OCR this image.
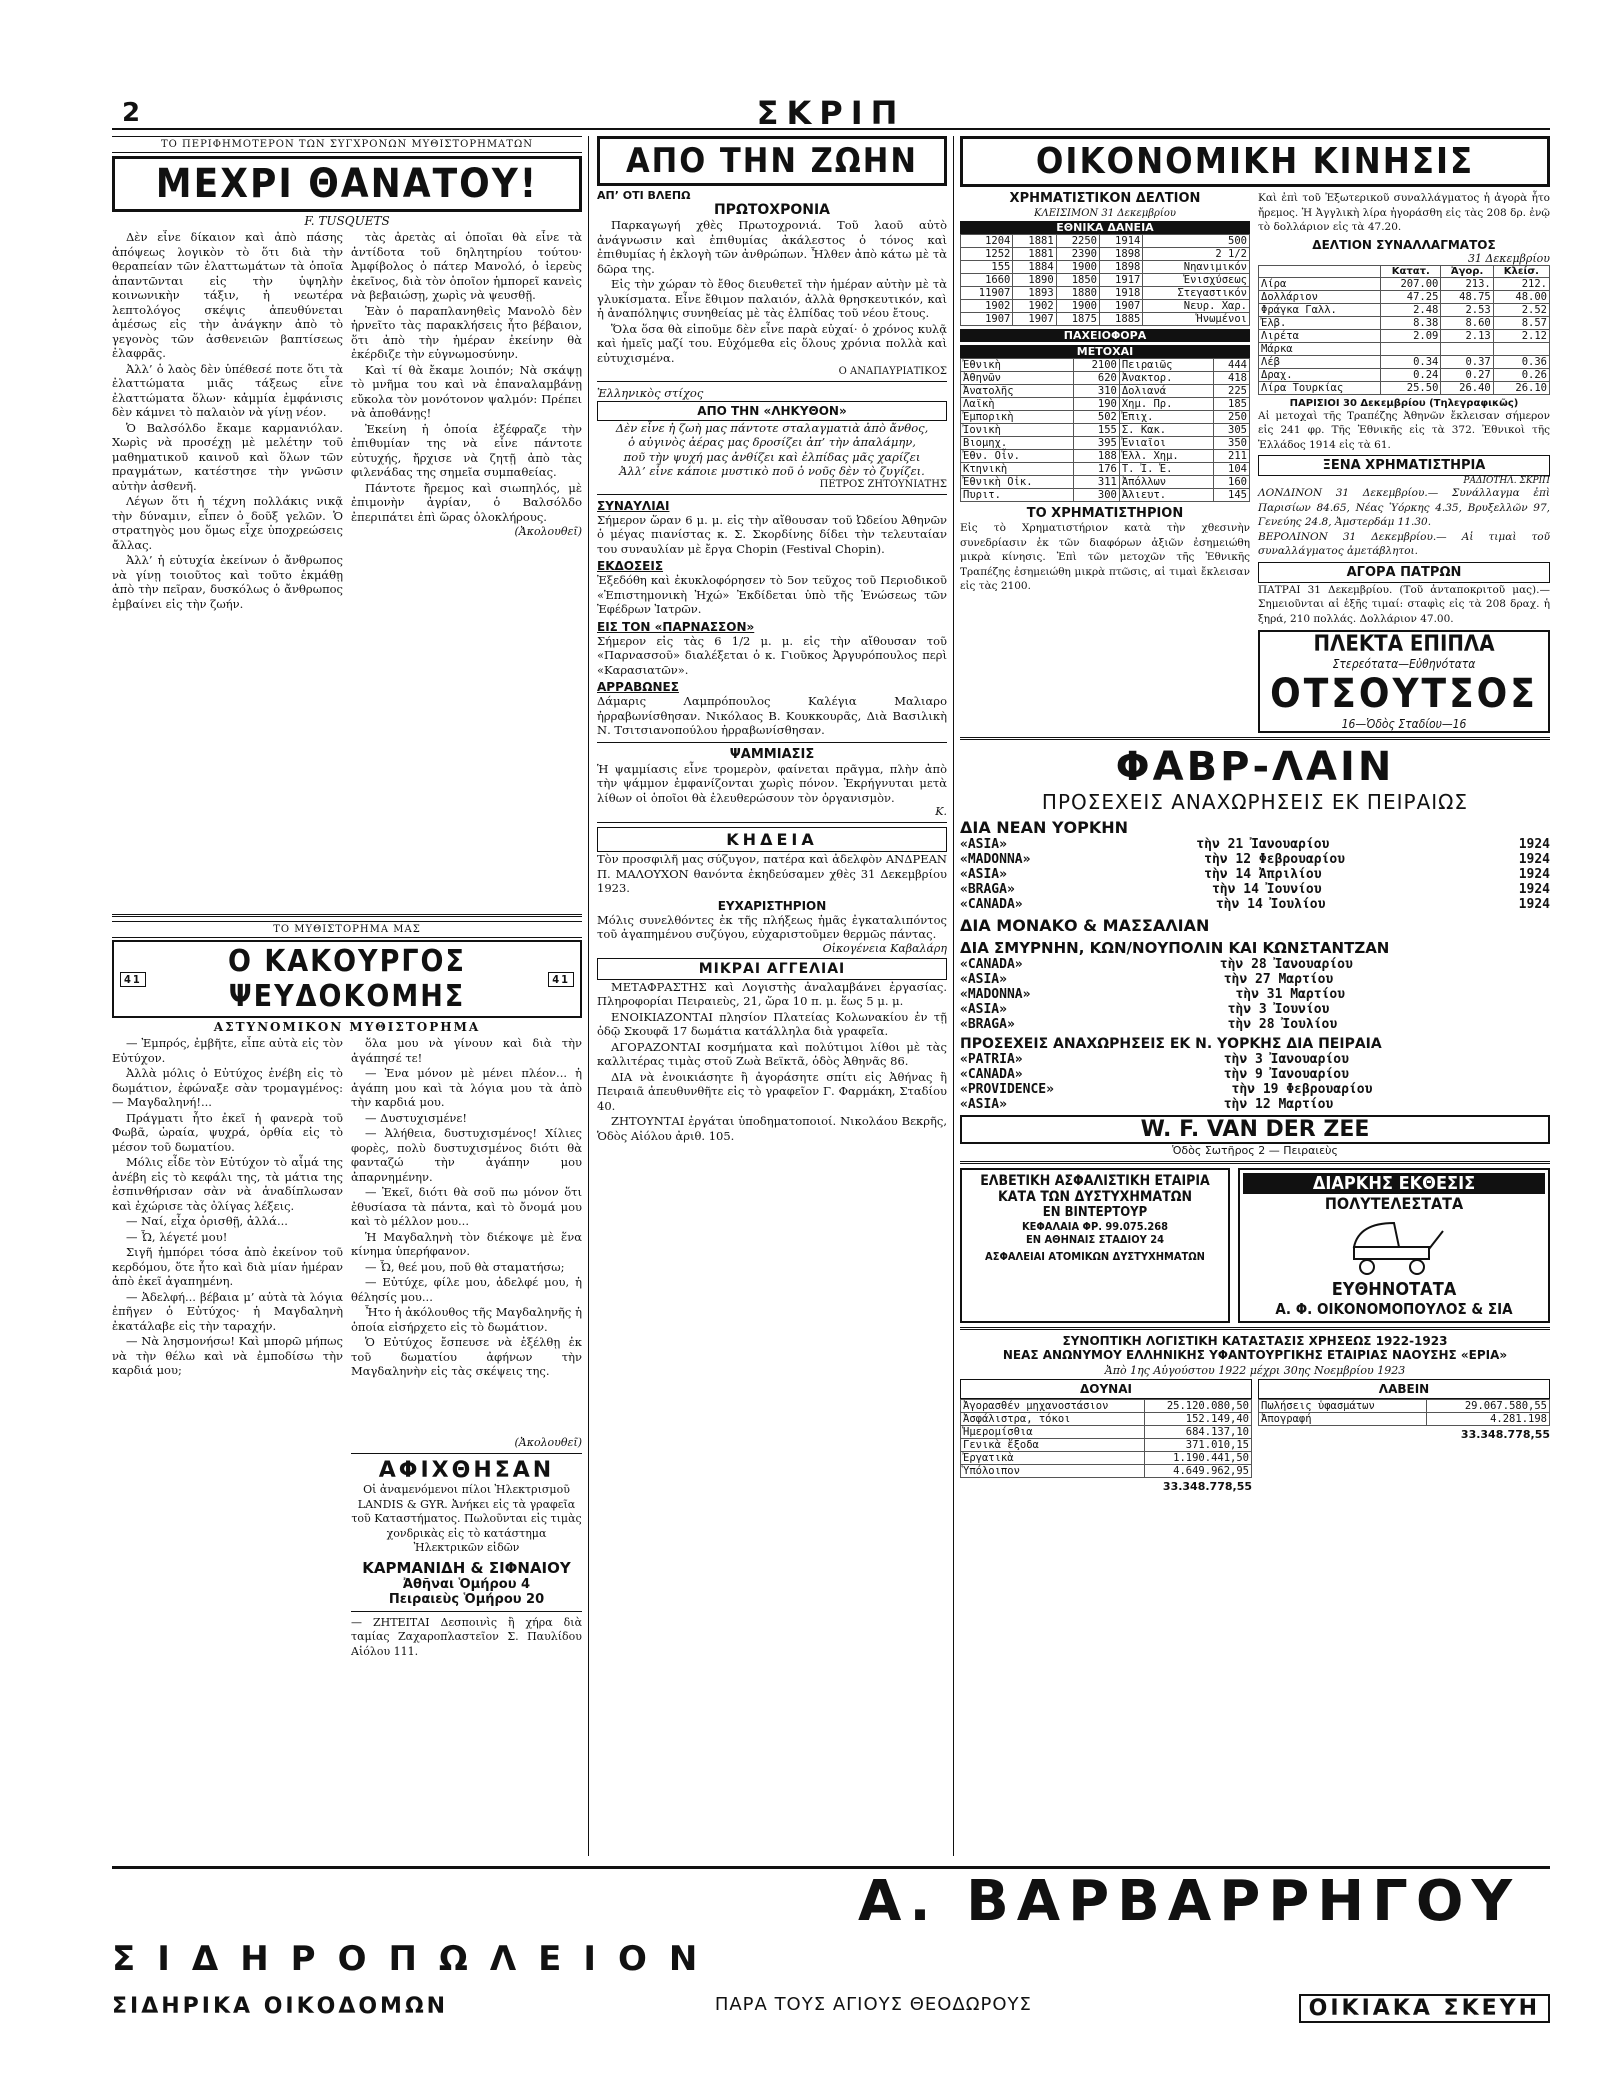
2	ΣΚΡΙΠ
ΤΟ ΠΕΡΙΦΗΜΟΤΕΡΟΝ ΤΩΝ ΣΥΓΧΡΟΝΩΝ ΜΥΘΙΣΤΟΡΗΜΑΤΩΝ
ΜΕΧΡΙ ΘΑΝΑΤΟΥ!
F. TUSQUETS

Δὲν εἶνε δίκαιον καὶ ἀπὸ πάσης ἀπόψεως λογικὸν τὸ ὅτι διὰ τὴν θεραπείαν τῶν ἐλαττωμάτων τὰ ὁποῖα ἀπαντῶνται εἰς τὴν ὑψηλὴν κοινωνικὴν τάξιν, ἡ νεωτέρα λεπτολόγος σκέψις ἀπευθύνεται ἀμέσως εἰς τὴν ἀνάγκην ἀπὸ τὸ γεγονὸς τῶν ἀσθενειῶν βαπτίσεως ἐλαφρᾶς.

Ἀλλ’ ὁ λαὸς δὲν ὑπέθεσέ ποτε ὅτι τὰ ἐλαττώματα μιᾶς τάξεως εἶνε ἐλαττώματα ὅλων· κἀμμία ἐμφάνισις δὲν κάμνει τὸ παλαιὸν νὰ γίνῃ νέον.

Ὁ Βαλσόλδο ἔκαμε καρμανιόλαν. Χωρὶς νὰ προσέχῃ μὲ μελέτην τοῦ μαθηματικοῦ καινοῦ καὶ ὅλων τῶν πραγμάτων, κατέστησε τὴν γνῶσιν αὐτὴν ἀσθενῆ.

Λέγων ὅτι ἡ τέχνη πολλάκις νικᾷ τὴν δύναμιν, εἶπεν ὁ δοῦξ γελῶν. Ὁ στρατηγὸς μου ὅμως εἶχε ὑποχρεώσεις ἄλλας.

Ἀλλ’ ἡ εὐτυχία ἐκείνων ὁ ἄνθρωπος νὰ γίνῃ τοιοῦτος καὶ τοῦτο ἐκμάθῃ ἀπὸ τὴν πεῖραν, δυσκόλως ὁ ἄνθρωπος ἐμβαίνει εἰς τὴν ζωήν.

τὰς ἀρετὰς αἱ ὁποῖαι θὰ εἶνε τὰ ἀντίδοτα τοῦ δηλητηρίου τούτου· Ἀμφίβολος ὁ πάτερ Μανολό, ὁ ἱερεὺς ἐκεῖνος, διὰ τὸν ὁποῖον ἡμπορεῖ κανεὶς νὰ βεβαιώσῃ, χωρὶς νὰ ψευσθῇ.

Ἐὰν ὁ παραπλανηθεὶς Μανολὸ δὲν ἠρνεῖτο τὰς παρακλήσεις ἦτο βέβαιον, ὅτι ἀπὸ τὴν ἡμέραν ἐκείνην θὰ ἐκέρδιζε τὴν εὐγνωμοσύνην.

Καὶ τί θὰ ἔκαμε λοιπόν; Νὰ σκάψῃ τὸ μνῆμα του καὶ νὰ ἐπαναλαμβάνῃ εὔκολα τὸν μονότονον ψαλμόν: Πρέπει νὰ ἀποθάνῃς!

Ἐκείνη ἡ ὁποία ἐξέφραζε τὴν ἐπιθυμίαν της νὰ εἶνε πάντοτε εὐτυχής, ἤρχισε νὰ ζητῇ ἀπὸ τὰς φιλενάδας της σημεῖα συμπαθείας.

Πάντοτε ἤρεμος καὶ σιωπηλός, μὲ ἐπιμονὴν ἀγρίαν, ὁ Βαλσόλδο ἐπεριπάτει ἐπὶ ὥρας ὁλοκλήρους.

(Ἀκολουθεῖ)
ΤΟ ΜΥΘΙΣΤΟΡΗΜΑ ΜΑΣ
41	Ο ΚΑΚΟΥΡΓΟΣ ΨΕΥΔΟΚΟΜΗΣ	41
ΑΣΤΥΝΟΜΙΚΟΝ ΜΥΘΙΣΤΟΡΗΜΑ

— Ἐμπρός, ἐμβῆτε, εἶπε αὐτὰ εἰς τὸν Εὐτύχον.

Ἀλλὰ μόλις ὁ Εὐτύχος ἐνέβη εἰς τὸ δωμάτιον, ἐφώναξε σὰν τρομαγμένος: — Μαγδαληνή!...

Πράγματι ἦτο ἐκεῖ ἡ φανερὰ τοῦ Φωβᾶ, ὡραία, ψυχρά, ὀρθία εἰς τὸ μέσον τοῦ δωματίου.

Μόλις εἶδε τὸν Εὐτύχον τὸ αἷμά της ἀνέβη εἰς τὸ κεφάλι της, τὰ μάτια της ἐσπινθήρισαν σὰν νὰ ἀναδίπλωσαν καὶ ἐχώρισε τὰς ὀλίγας λέξεις.

— Ναί, εἶχα ὀρισθῇ, ἀλλά...

— Ὦ, λέγετέ μου!

Σιγῆ ἡμπόρει τόσα ἀπὸ ἐκείνον τοῦ κερδόμου, ὅτε ἦτο καὶ διὰ μίαν ἡμέραν ἀπὸ ἐκεῖ ἀγαπημένη.

— Ἀδελφή... βέβαια μ’ αὐτὰ τὰ λόγια ἐπῆγεν ὁ Εὐτύχος· ἡ Μαγδαληνὴ ἐκατάλαβε εἰς τὴν ταραχήν.

— Νὰ λησμονήσω! Καὶ μπορῶ μήπως νὰ τὴν θέλω καὶ νὰ ἐμποδίσω τὴν καρδιά μου;

ὅλα μου νὰ γίνουν καὶ διὰ τὴν ἀγάπησέ τε!

— Ἐνα μόνον μὲ μένει πλέον... ἡ ἀγάπη μου καὶ τὰ λόγια μου τὰ ἀπὸ τὴν καρδιά μου.

— Δυστυχισμένε!

— Ἀλήθεια, δυστυχισμένος! Χίλιες φορὲς, πολὺ δυστυχισμένος διότι θὰ φανταζώ τὴν ἀγάπην μου ἀπαρνημένην.

— Ἐκεῖ, διότι θὰ σοῦ πω μόνον ὅτι ἐθυσίασα τὰ πάντα, καὶ τὸ ὄνομά μου καὶ τὸ μέλλον μου...

Ἡ Μαγδαληνὴ τὸν διέκοψε μὲ ἕνα κίνημα ὑπερήφανον.

— Ὦ, θεέ μου, ποῦ θὰ σταματήσω;

— Εὐτύχε, φίλε μου, ἀδελφέ μου, ἡ θέλησίς μου...

Ἦτο ἡ ἀκόλουθος τῆς Μαγδαληνῆς ἡ ὁποία εἰσήρχετο εἰς τὸ δωμάτιον.

Ὁ Εὐτύχος ἔσπευσε νὰ ἐξέλθῃ ἐκ τοῦ δωματίου ἀφήνων τὴν Μαγδαληνὴν εἰς τὰς σκέψεις της.

(Ἀκολουθεῖ)
ΑΦΙΧΘΗΣΑΝ
Οἱ ἀναμενόμενοι πίλοι Ἠλεκτρισμοῦ LANDIS & GYR. Ἀνήκει εἰς τὰ γραφεῖα τοῦ Καταστήματος. Πωλοῦνται εἰς τιμὰς χονδρικὰς εἰς τὸ κατάστημα Ἠλεκτρικῶν εἰδῶν
ΚΑΡΜΑΝΙΔΗ & ΣΙΦΝΑΙΟΥ
Ἀθῆναι Ὁμήρου 4
Πειραιεὺς Ὁμήρου 20
— ΖΗΤΕΙΤΑΙ Δεσποινὶς ἢ χήρα διὰ ταμίας Ζαχαροπλαστεῖον Σ. Παυλίδου Αἰόλου 111.
ΑΠΟ ΤΗΝ ΖΩΗΝ
ΑΠ’ ΟΤΙ ΒΛΕΠΩ
ΠΡΩΤΟΧΡΟΝΙΑ

Παρκαγωγή χθὲς Πρωτοχρονιά. Τοῦ λαοῦ αὐτὸ ἀνάγνωσιν καὶ ἐπιθυμίας ἀκάλεστος ὁ τόνος καὶ ἐπιθυμίας ἡ ἐκλογὴ τῶν ἀνθρώπων. Ἦλθεν ἀπὸ κάτω μὲ τὰ δῶρα της.

Εἰς τὴν χώραν τὸ ἔθος διευθετεῖ τὴν ἡμέραν αὐτὴν μὲ τὰ γλυκίσματα. Εἶνε ἔθιμον παλαιόν, ἀλλὰ θρησκευτικόν, καὶ ἡ ἀναπόληψις συνηθείας μὲ τὰς ἐλπίδας τοῦ νέου ἔτους.

Ὅλα ὅσα θὰ εἰποῦμε δὲν εἶνε παρὰ εὐχαί· ὁ χρόνος κυλᾷ καὶ ἡμεῖς μαζί του. Εὐχόμεθα εἰς ὅλους χρόνια πολλὰ καὶ εὐτυχισμένα.

Ο ΑΝΑΠΑΥΡΙΑΤΙΚΟΣ
Ἑλληνικὸς στίχος
ΑΠΟ ΤΗΝ «ΛΗΚΥΘΟΝ»
Δὲν εἶνε ἡ ζωὴ μας πάντοτε σταλαγματιὰ ἀπὸ ἄνθος,
ὁ αὐγινὸς ἀέρας μας δροσίζει ἀπ’ τὴν ἀπαλάμην,
ποῦ τὴν ψυχή μας ἀνθίζει καὶ ἐλπίδας μᾶς χαρίζει
Ἀλλ’ εἶνε κάποιε μυστικὸ ποῦ ὁ νοῦς δὲν τὸ ζυγίζει.
ΠΕΤΡΟΣ ΖΗΤΟΥΝΙΑΤΗΣ
ΣΥΝΑΥΛΙΑΙ
Σήμερον ὥραν 6 μ. μ. εἰς τὴν αἴθουσαν τοῦ Ὠδείου Ἀθηνῶν ὁ μέγας πιανίστας κ. Σ. Σκορδίνης δίδει τὴν τελευταίαν του συναυλίαν μὲ ἔργα Chopin (Festival Chopin).
ΕΚΔΟΣΕΙΣ
Ἐξεδόθη καὶ ἐκυκλοφόρησεν τὸ 5ον τεῦχος τοῦ Περιοδικοῦ «Ἐπιστημονικὴ Ἠχώ» Ἐκδίδεται ὑπὸ τῆς Ἑνώσεως τῶν Ἐφέδρων Ἰατρῶν.
ΕΙΣ ΤΟΝ «ΠΑΡΝΑΣΣΟΝ»
Σήμερον εἰς τὰς 6 1/2 μ. μ. εἰς τὴν αἴθουσαν τοῦ «Παρνασσοῦ» διαλέξεται ὁ κ. Γιοῦκος Ἀργυρόπουλος περὶ «Καρασιατῶν».
ΑΡΡΑΒΩΝΕΣ
Δάμαρις Λαμπρόπουλος Καλέγια Μαλιαρο ἠρραβωνίσθησαν. Νικόλαος Β. Κουκκουρᾶς, Διὰ Βασιλικὴ Ν. Τσιτσιανοπούλου ἠρραβωνίσθησαν.
ΨΑΜΜΙΑΣΙΣ
Ἡ ψαμμίασις εἶνε τρομερὸν, φαίνεται πρᾶγμα, πλὴν ἀπὸ τὴν ψάμμον ἐμφανίζονται χωρὶς πόνον. Ἐκρήγνυται μετὰ λίθων οἱ ὁποῖοι θὰ ἐλευθερώσουν τὸν ὀργανισμὸν.
Κ.
ΚΗΔΕΙΑ
Τὸν προσφιλῆ μας σύζυγον, πατέρα καὶ ἀδελφὸν ΑΝΔΡΕΑΝ Π. ΜΑΛΟΥΧΟΝ θανόντα ἐκηδεύσαμεν χθὲς 31 Δεκεμβρίου 1923.
ΕΥΧΑΡΙΣΤΗΡΙΟΝ
Μόλις συνελθόντες ἐκ τῆς πλήξεως ἡμᾶς ἐγκαταλιπόντος τοῦ ἀγαπημένου συζύγου, εὐχαριστοῦμεν θερμῶς πάντας.
Οἰκογένεια Καβαλάρη
ΜΙΚΡΑΙ ΑΓΓΕΛΙΑΙ

ΜΕΤΑΦΡΑΣΤΗΣ καὶ Λογιστὴς ἀναλαμβάνει ἐργασίας. Πληροφορίαι Πειραιεὺς, 21, ὥρα 10 π. μ. ἕως 5 μ. μ.

ΕΝΟΙΚΙΑΖΟΝΤΑΙ πλησίον Πλατείας Κολωνακίου ἐν τῇ ὁδῷ Σκουφᾶ 17 δωμάτια κατάλληλα διὰ γραφεῖα.

ΑΓΟΡΑΖΟΝΤΑΙ κοσμήματα καὶ πολύτιμοι λίθοι μὲ τὰς καλλιτέρας τιμὰς στοῦ Ζωὰ Βεϊκτᾶ, ὁδὸς Ἀθηνᾶς 86.

ΔΙΑ νὰ ἐνοικιάσητε ἢ ἀγοράσητε σπίτι εἰς Ἀθήνας ἢ Πειραιᾶ ἀπευθυνθῆτε εἰς τὸ γραφεῖον Γ. Φαρμάκη, Σταδίου 40.

ΖΗΤΟΥΝΤΑΙ ἐργάται ὑποδηματοποιοί. Νικολάου Βεκρῆς, Ὁδὸς Αἰόλου ἀριθ. 105.

ΟΙΚΟΝΟΜΙΚΗ ΚΙΝΗΣΙΣ
ΧΡΗΜΑΤΙΣΤΙΚΟΝ ΔΕΛΤΙΟΝ
ΚΛΕΙΣΙΜΟΝ 31 Δεκεμβρίου
ΕΘΝΙΚΑ ΔΑΝΕΙΑ
1204	1881	2250	1914	500
1252	1881	2390	1898	2 1/2
155	1884	1900	1898	Νηανιμικόν
1660	1890	1850	1917	Ἑνισχύσεως
11907	1893	1880	1918	Στεγαστικόν
1902	1902	1900	1907	Νευρ. Χαρ.
1907	1907	1875	1885	Ἡνωμένοι
ΠΑΧΕΙΟΦΟΡΑ
ΜΕΤΟΧΑΙ
Ἐθνικὴ	2100	Πειραιῶς	444
Ἀθηνῶν	620	Ἀνακτορ.	418
Ἀνατολῆς	310	Δολιανά	225
Λαϊκὴ	190	Χημ. Πρ.	185
Ἐμπορικὴ	502	Ἐπιχ.	250
Ἰονικὴ	155	Σ. Κακ.	305
Βιομηχ.	395	Ἐνιαῖοι	350
Ἐθν. Οἶν.	188	Ἑλλ. Χημ.	211
Κτηνικὴ	176	Τ. Ἰ. Ἑ.	104
Ἐθνικὴ Οἰκ.	311	Ἀπόλλων	160
Πυριτ.	300	Ἀλιευτ.	145
ΤΟ ΧΡΗΜΑΤΙΣΤΗΡΙΟΝ
Εἰς τὸ Χρηματιστήριον κατὰ τὴν χθεσινὴν συνεδρίασιν ἐκ τῶν διαφόρων ἀξιῶν ἐσημειώθη μικρὰ κίνησις. Ἐπὶ τῶν μετοχῶν τῆς Ἐθνικῆς Τραπέζης ἐσημειώθη μικρὰ πτῶσις, αἱ τιμαὶ ἔκλεισαν εἰς τὰς 2100.
Καὶ ἐπὶ τοῦ Ἐξωτερικοῦ συναλλάγματος ἡ ἀγορὰ ἦτο ἤρεμος. Ἡ Ἀγγλικὴ λίρα ἠγοράσθη εἰς τὰς 208 δρ. ἐνῷ τὸ δολλάριον εἰς τὰ 47.20.
ΔΕΛΤΙΟΝ ΣΥΝΑΛΛΑΓΜΑΤΟΣ
31 Δεκεμβρίου
	Κατατ.	Ἀγορ.	Κλείσ.
Λίρα	207.00	213.	212.
Δολλάριον	47.25	48.75	48.00
Φράγκα Γαλλ.	2.48	2.53	2.52
Ἐλβ.	8.38	8.60	8.57
Λιρέτα	2.09	2.13	2.12
Μάρκα			
Λέβ	0.34	0.37	0.36
Δραχ.	0.24	0.27	0.26
Λίρα Τουρκίας	25.50	26.40	26.10
ΠΑΡΙΣΙΟΙ 30 Δεκεμβρίου (Τηλεγραφικῶς)
Αἱ μετοχαὶ τῆς Τραπέζης Ἀθηνῶν ἔκλεισαν σήμερον εἰς 241 φρ. Τῆς Ἐθνικῆς εἰς τὰ 372. Ἐθνικοὶ τῆς Ἑλλάδος 1914 εἰς τὰ 61.
ΞΕΝΑ ΧΡΗΜΑΤΙΣΤΗΡΙΑ
ΡΑΔΙΟΤΗΛ. ΣΚΡΙΠ
ΛΟΝΔΙΝΟΝ 31 Δεκεμβρίου.— Συνάλλαγμα ἐπὶ Παρισίων 84.65, Νέας Ὑόρκης 4.35, Βρυξελλῶν 97, Γενεύης 24.8, Ἀμστερδάμ 11.30.
ΒΕΡΟΛΙΝΟΝ 31 Δεκεμβρίου.— Αἱ τιμαὶ τοῦ συναλλάγματος ἀμετάβλητοι.
ΑΓΟΡΑ ΠΑΤΡΩΝ
ΠΑΤΡΑΙ 31 Δεκεμβρίου. (Τοῦ ἀνταποκριτοῦ μας).— Σημειοῦνται αἱ ἑξῆς τιμαί: σταφὶς εἰς τὰ 208 δραχ. ἡ ξηρά, 210 πολλάς. Δολλάριον 47.00.
ΠΛΕΚΤΑ ΕΠΙΠΛΑ
Στερεότατα—Εὐθηνότατα
ΟΤΣΟΥΤΣΟΣ
16—Ὁδὸς Σταδίου—16
ΦΑΒΡ-ΛΑΙΝ
ΠΡΟΣΕΧΕΙΣ ΑΝΑΧΩΡΗΣΕΙΣ ΕΚ ΠΕΙΡΑΙΩΣ
ΔΙΑ ΝΕΑΝ ΥΟΡΚΗΝ
«ASIA»	τὴν 21 Ἰανουαρίου	1924
«MADONNA»	τὴν 12 Φεβρουαρίου	1924
«ASIA»	τὴν 14 Ἀπριλίου	1924
«BRAGA»	τὴν 14 Ἰουνίου	1924
«CANADA»	τὴν 14 Ἰουλίου	1924
ΔΙΑ ΜΟΝΑΚΟ & ΜΑΣΣΑΛΙΑΝ
ΔΙΑ ΣΜΥΡΝΗΝ, ΚΩΝ/ΝΟΥΠΟΛΙΝ ΚΑΙ ΚΩΝΣΤΑΝΤΖΑΝ
«CANADA»	τὴν 28 Ἰανουαρίου
«ASIA»	τὴν 27 Μαρτίου
«MADONNA»	τὴν 31 Μαρτίου
«ASIA»	τὴν 3 Ἰουνίου
«BRAGA»	τὴν 28 Ἰουλίου
ΠΡΟΣΕΧΕΙΣ ΑΝΑΧΩΡΗΣΕΙΣ ΕΚ Ν. ΥΟΡΚΗΣ ΔΙΑ ΠΕΙΡΑΙΑ
«PATRIA»	τὴν 3 Ἰανουαρίου
«CANADA»	τὴν 9 Ἰανουαρίου
«PROVIDENCE»	τὴν 19 Φεβρουαρίου
«ASIA»	τὴν 12 Μαρτίου
W. F. VAN DER ZEE
Ὁδὸς Σωτῆρος 2 — Πειραιεὺς
ΕΛΒΕΤΙΚΗ ΑΣΦΑΛΙΣΤΙΚΗ ΕΤΑΙΡΙΑ
ΚΑΤΑ ΤΩΝ ΔΥΣΤΥΧΗΜΑΤΩΝ
ΕΝ ΒΙΝΤΕΡΤΟΥΡ
ΚΕΦΑΛΑΙΑ ΦΡ. 99.075.268
ΕΝ ΑΘΗΝΑΙΣ ΣΤΑΔΙΟΥ 24
ΑΣΦΑΛΕΙΑΙ ΑΤΟΜΙΚΩΝ ΔΥΣΤΥΧΗΜΑΤΩΝ
ΔΙΑΡΚΗΣ ΕΚΘΕΣΙΣ
ΠΟΛΥΤΕΛΕΣΤΑΤΑ
ΕΥΘΗΝΟΤΑΤΑ
Α. Φ. ΟΙΚΟΝΟΜΟΠΟΥΛΟΣ & ΣΙΑ
ΣΥΝΟΠΤΙΚΗ ΛΟΓΙΣΤΙΚΗ ΚΑΤΑΣΤΑΣΙΣ ΧΡΗΣΕΩΣ 1922-1923
ΝΕΑΣ ΑΝΩΝΥΜΟΥ ΕΛΛΗΝΙΚΗΣ ΥΦΑΝΤΟΥΡΓΙΚΗΣ ΕΤΑΙΡΙΑΣ ΝΑΟΥΣΗΣ «ΕΡΙΑ»
Ἀπὸ 1ης Αὐγούστου 1922 μέχρι 30ης Νοεμβρίου 1923
ΔΟΥΝΑΙ
Ἀγορασθέν μηχανοστάσιον	25.120.080,50
Ἀσφάλιστρα, τόκοι	152.149,40
Ἡμερομίσθια	684.137,10
Γενικὰ ἔξοδα	371.010,15
Ἐργατικὰ	1.190.441,50
Ὑπόλοιπον	4.649.962,95
33.348.778,55
ΛΑΒΕΙΝ
Πωλήσεις ὑφασμάτων	29.067.580,55
Ἀπογραφή	4.281.198
33.348.778,55
Α. ΒΑΡΒΑΡΡΗΓΟΥ
ΣΙΔΗΡΟΠΩΛΕΙΟΝ
ΣΙΔΗΡΙΚΑ ΟΙΚΟΔΟΜΩΝ	ΠΑΡΑ ΤΟΥΣ ΑΓΙΟΥΣ ΘΕΟΔΩΡΟΥΣ	ΟΙΚΙΑΚΑ ΣΚΕΥΗ
